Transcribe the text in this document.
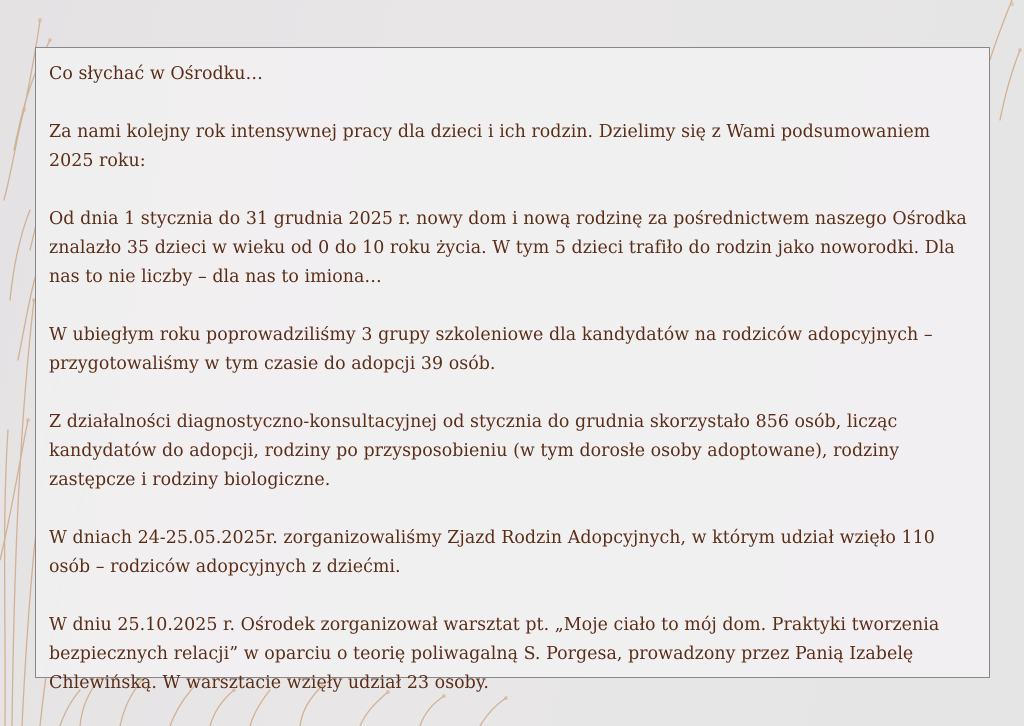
Co słychać w Ośrodku…

Za nami kolejny rok intensywnej pracy dla dzieci i ich rodzin. Dzielimy się z Wami podsumowaniem 2025 roku:

Od dnia 1 stycznia do 31 grudnia 2025 r. nowy dom i nową rodzinę za pośrednictwem naszego Ośrodka znalazło 35 dzieci w wieku od 0 do 10 roku życia. W tym 5 dzieci trafiło do rodzin jako noworodki. Dla nas to nie liczby – dla nas to imiona…

W ubiegłym roku poprowadziliśmy 3 grupy szkoleniowe dla kandydatów na rodziców adopcyjnych – przygotowaliśmy w tym czasie do adopcji 39 osób.

Z działalności diagnostyczno-konsultacyjnej od stycznia do grudnia skorzystało 856 osób, licząc kandydatów do adopcji, rodziny po przysposobieniu (w tym dorosłe osoby adoptowane), rodziny zastępcze i rodziny biologiczne.

W dniach 24-25.05.2025r. zorganizowaliśmy Zjazd Rodzin Adopcyjnych, w którym udział wzięło 110 osób – rodziców adopcyjnych z dziećmi.

W dniu 25.10.2025 r. Ośrodek zorganizował warsztat pt. „Moje ciało to mój dom. Praktyki tworzenia bezpiecznych relacji” w oparciu o teorię poliwagalną S. Porgesa, prowadzony przez Panią Izabelę Chlewińską. W warsztacie wzięły udział 23 osoby.
